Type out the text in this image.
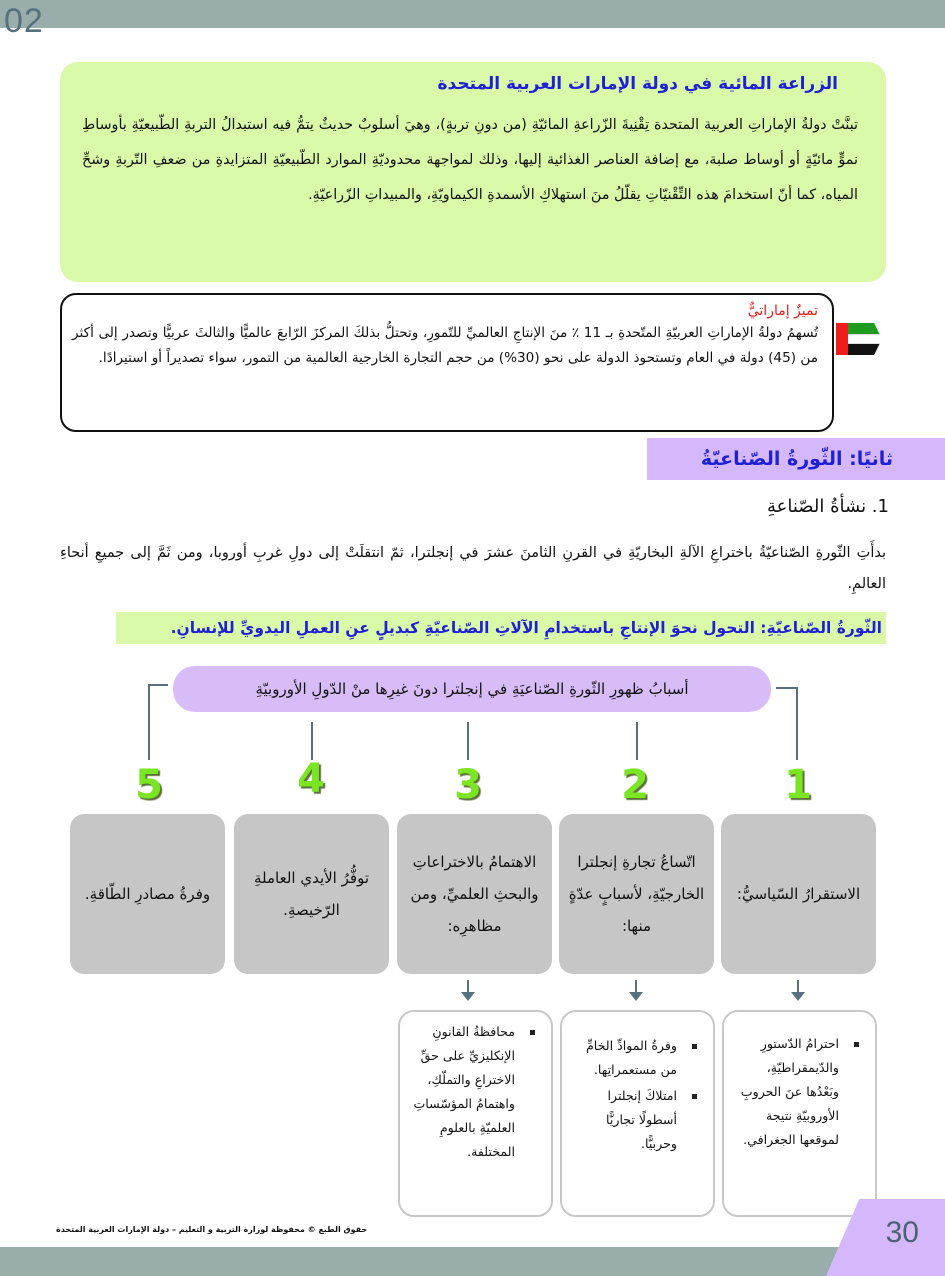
02
الزراعة المائية في دولة الإمارات العربية المتحدة
تبنَّتْ دولةُ الإماراتِ العربية المتحدة تِقْنِيةَ الزّراعةِ المائيّةِ (من دونِ تربةٍ)، وهيَ أسلوبٌ حديثٌ يتمُّ فيه استبدالُ التربةِ الطّبيعيّةِ بأوساطِ نموٍّ مائيّةٍ أو أوساط صلبة، مع إضافة العناصر الغذائية إليها، وذلك لمواجهة محدوديّةِ الموارد الطّبيعيّةِ المتزايدةِ من ضعفِ التّربةِ وشحِّ المياه، كما أنّ استخدامَ هذه التِّقْنيّاتِ يقلّلُ منَ استهلاكِ الأسمدةِ الكيماويّةِ، والمبيداتِ الزّراعيّةِ.
تميزٌ إماراتيٌّ
تُسهمُ دولةُ الإماراتِ العربيّةِ المتّحدةِ بـ 11 ٪ منَ الإنتاجِ العالميِّ للتّمورِ، وتحتلُّ بذلكَ المركزَ الرّابعَ عالميًّا والثالثَ عربيًّا وتصدر إلى أكثر من (45) دولة في العام وتستحوذ الدولة على نحو (30%) من حجم التجارة الخارجية العالمية من التمور، سواء تصديراً أو استيرادًا.
ثانيًا: الثّورةُ الصّناعيّةُ
1. نشأةُ الصّناعةِ
بدأَتِ الثّورةِ الصّناعيّةُ باختراعِ الآلةِ البخاريّةِ في القرنِ الثامنَ عشرَ في إنجلترا، ثمّ انتقلَتْ إلى دولِ غربِ أوروبا، ومن ثَمَّ إلى جميعِ أنحاءِ العالمِ.
الثّورةُ الصّناعيّةِ: التحول نحوَ الإنتاجِ باستخدامِ الآلاتِ الصّناعيّةِ كبديلٍ عنِ العملِ اليدويِّ للإنسانِ.
أسبابُ ظهورِ الثّورةِ الصّناعيَةِ في إنجلترا دونَ غيرِها منْ الدّولِ الأوروبيّةِ
5	4	3	2	1
وفرةُ مصادرِ الطّاقةِ.
توفُّرُ الأيدي العاملةِ الرّخيصةِ.
الاهتمامُ بالاختراعاتِ والبحثِ العلميِّ، ومن مظاهرِه:
اتّساعُ تجارةِ إنجلترا الخارجيّةِ، لأسبابٍ عدّةٍ منها:
الاستقرارُ السّياسيُّ:
محافظةُ القانونِ الإنكليزيِّ على حقِّ الاختراعِ والتملّكِ، واهتمامُ المؤسّساتِ العلميّةِ بالعلومِ المختلفة.
وفرةُ الموادِّ الخامِّ من مستعمراتِها.
امتلاكَ إنجلترا أسطولًا تجاريًّا وحربيًّا.
احترامُ الدّستورِ والدّيمقراطيّةِ، وبَعْدُها عنَ الحروبِ الأوروبيّةِ نتيجة لموقعها الجغرافي.
30
حقوق الطبع © محفوظة لوزارة التربية و التعليم – دولة الإمارات العربية المتحدة
